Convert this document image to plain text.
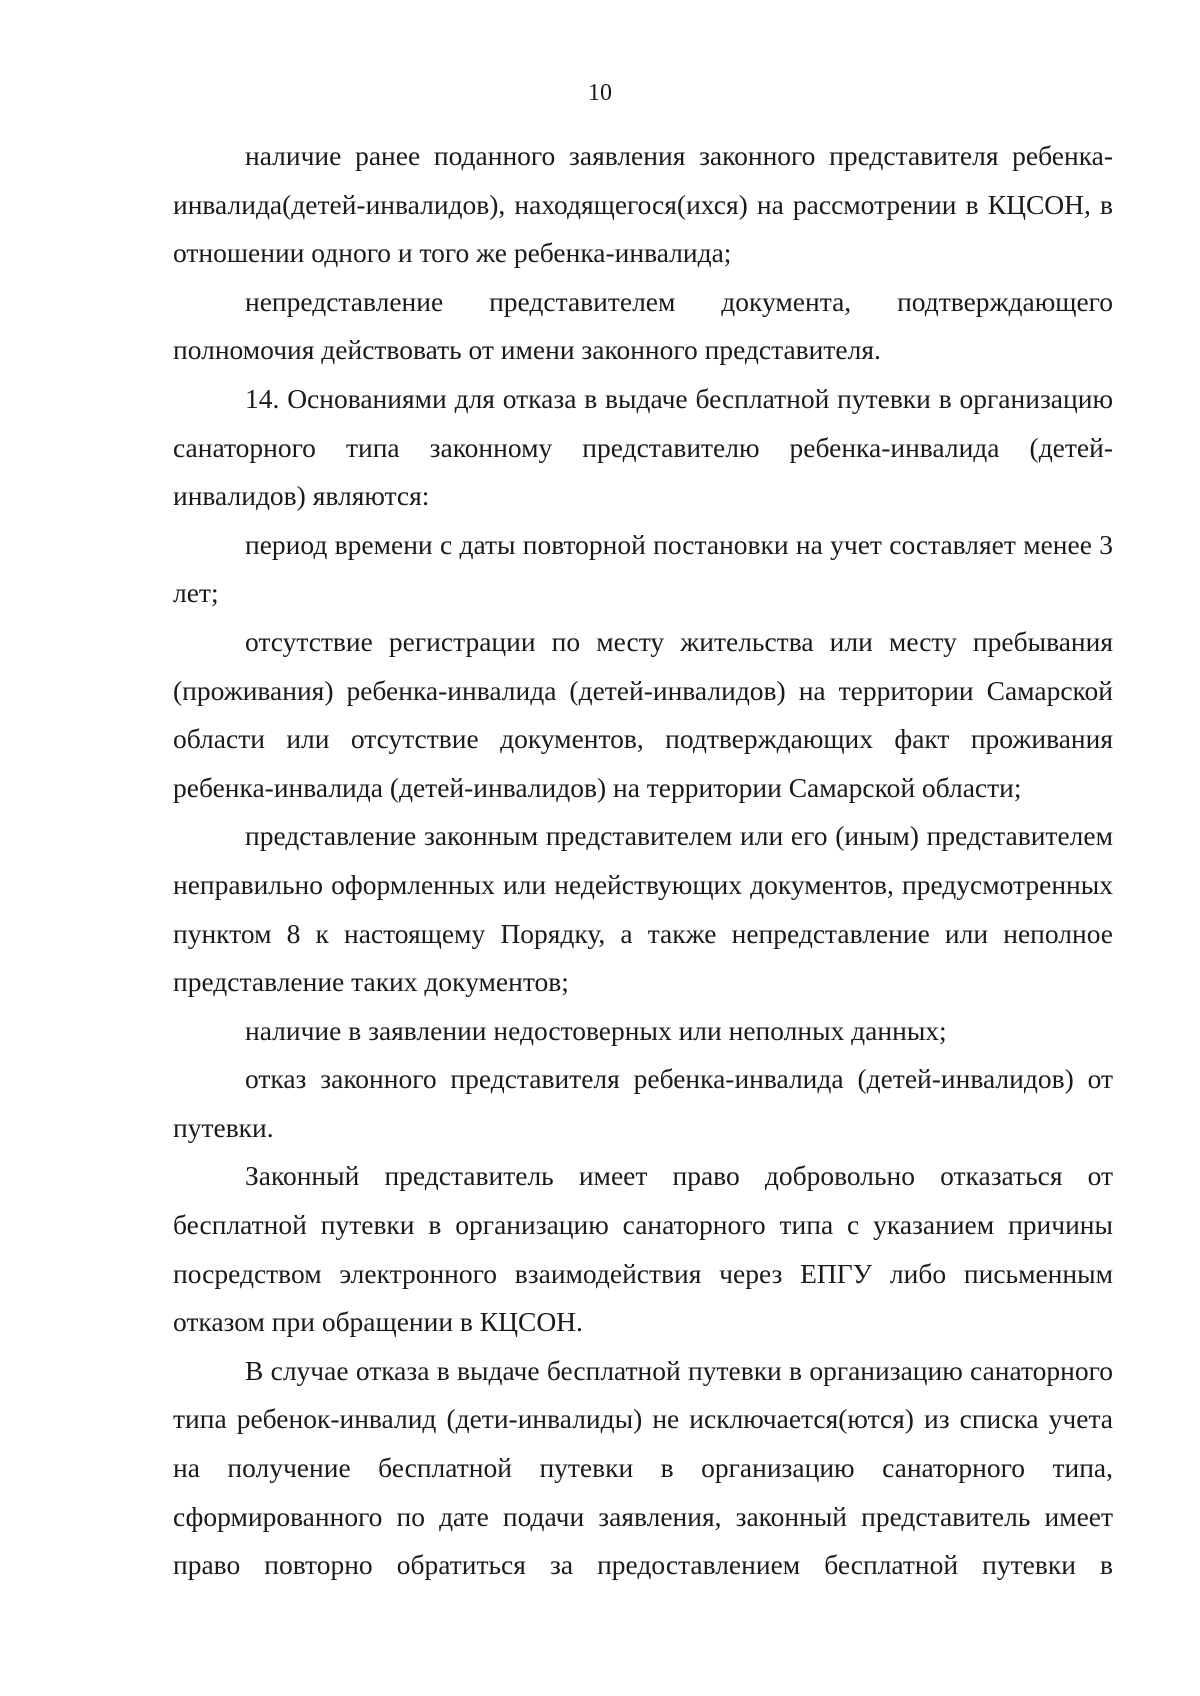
10

наличие ранее поданного заявления законного представителя ребенка-инвалида(детей-инвалидов), находящегося(ихся) на рассмотрении в КЦСОН, в отношении одного и того же ребенка-инвалида;

непредставление представителем документа, подтверждающего полномочия действовать от имени законного представителя.

14. Основаниями для отказа в выдаче бесплатной путевки в организацию санаторного типа законному представителю ребенка-инвалида (детей-инвалидов) являются:

период времени с даты повторной постановки на учет составляет менее 3 лет;

отсутствие регистрации по месту жительства или месту пребывания (проживания) ребенка-инвалида (детей-инвалидов) на территории Самарской области или отсутствие документов, подтверждающих факт проживания ребенка-инвалида (детей-инвалидов) на территории Самарской области;

представление законным представителем или его (иным) представителем неправильно оформленных или недействующих документов, предусмотренных пунктом 8 к настоящему Порядку, а также непредставление или неполное представление таких документов;

наличие в заявлении недостоверных или неполных данных;

отказ законного представителя ребенка-инвалида (детей-инвалидов) от путевки.

Законный представитель имеет право добровольно отказаться от бесплатной путевки в организацию санаторного типа с указанием причины посредством электронного взаимодействия через ЕПГУ либо письменным отказом при обращении в КЦСОН.

В случае отказа в выдаче бесплатной путевки в организацию санаторного типа ребенок-инвалид (дети-инвалиды) не исключается(ются) из списка учета на получение бесплатной путевки в организацию санаторного типа, сформированного по дате подачи заявления, законный представитель имеет право повторно обратиться за предоставлением бесплатной путевки в
